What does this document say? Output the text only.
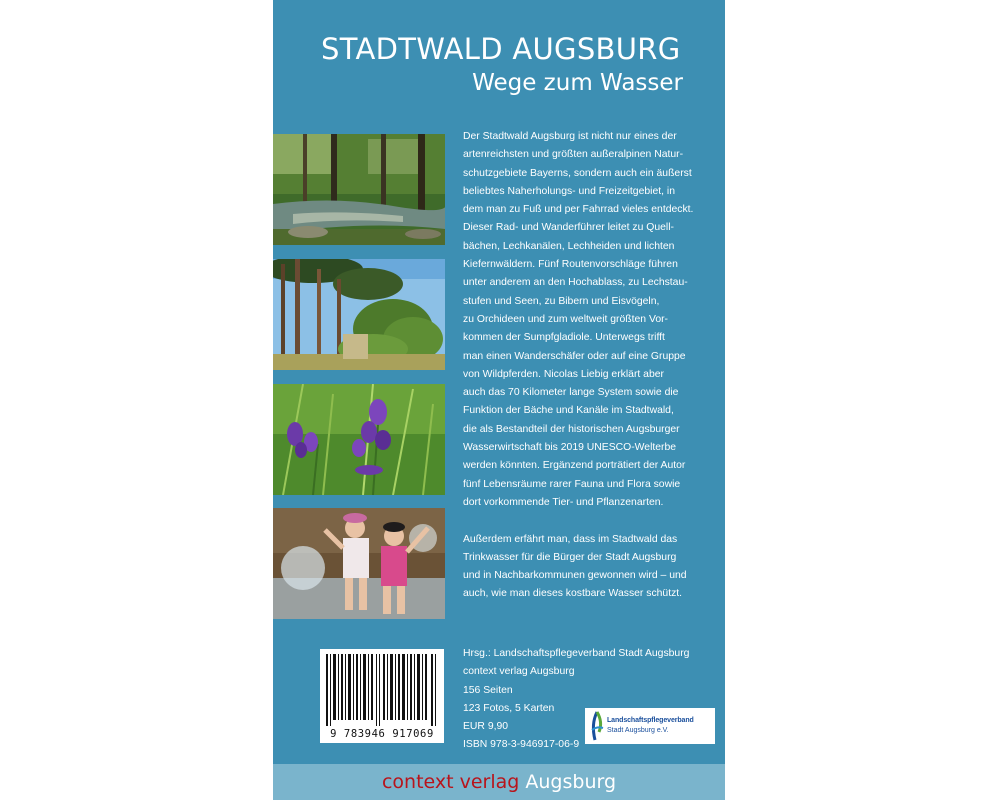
STADTWALD AUGSBURG
Wege zum Wasser

Der Stadtwald Augsburg ist nicht nur eines der
artenreichsten und größten außeralpinen Natur-
schutzgebiete Bayerns, sondern auch ein äußerst
beliebtes Naherholungs- und Freizeitgebiet, in
dem man zu Fuß und per Fahrrad vieles entdeckt.
Dieser Rad- und Wanderführer leitet zu Quell-
bächen, Lechkanälen, Lechheiden und lichten
Kiefernwäldern. Fünf Routenvorschläge führen
unter anderem an den Hochablass, zu Lechstau-
stufen und Seen, zu Bibern und Eisvögeln,
zu Orchideen und zum weltweit größten Vor-
kommen der Sumpfgladiole. Unterwegs trifft
man einen Wanderschäfer oder auf eine Gruppe
von Wildpferden. Nicolas Liebig erklärt aber
auch das 70 Kilometer lange System sowie die
Funktion der Bäche und Kanäle im Stadtwald,
die als Bestandteil der historischen Augsburger
Wasserwirtschaft bis 2019 UNESCO-Welterbe
werden könnten. Ergänzend porträtiert der Autor
fünf Lebensräume rarer Fauna und Flora sowie
dort vorkommende Tier- und Pflanzenarten.

Außerdem erfährt man, dass im Stadtwald das
Trinkwasser für die Bürger der Stadt Augsburg
und in Nachbarkommunen gewonnen wird – und
auch, wie man dieses kostbare Wasser schützt.

9 783946 917069
Hrsg.: Landschaftspflegeverband Stadt Augsburg
context verlag Augsburg
156 Seiten
123 Fotos, 5 Karten
EUR 9,90
ISBN 978-3-946917-06-9
Landschaftspflegeverband
Stadt Augsburg e.V.
context verlag Augsburg
